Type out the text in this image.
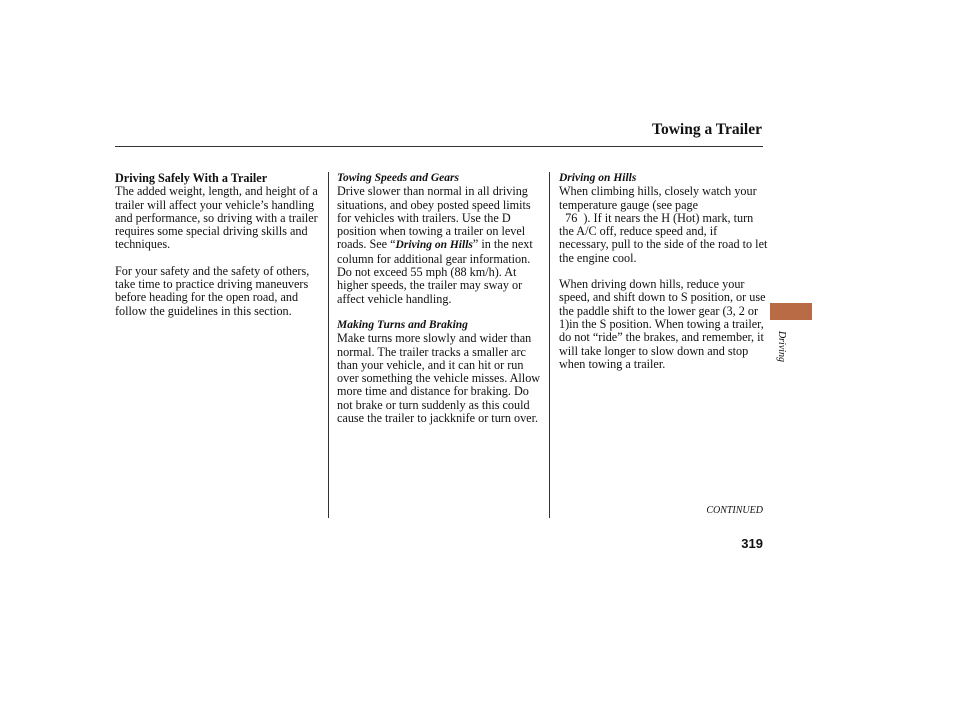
Towing a Trailer

Driving Safely With a Trailer

The added weight, length, and height of a trailer will affect your vehicle’s handling and performance, so driving with a trailer requires some special driving skills and techniques.

For your safety and the safety of others, take time to practice driving maneuvers before heading for the open road, and follow the guidelines in this section.

Towing Speeds and Gears

Drive slower than normal in all driving situations, and obey posted speed limits for vehicles with trailers. Use the D position when towing a trailer on level roads. See “Driving on Hills” in the next column for additional gear information. Do not exceed 55 mph (88 km/h). At higher speeds, the trailer may sway or affect vehicle handling.

Making Turns and Braking

Make turns more slowly and wider than normal. The trailer tracks a smaller arc than your vehicle, and it can hit or run over something the vehicle misses. Allow more time and distance for braking. Do not brake or turn suddenly as this could cause the trailer to jackknife or turn over.

Driving on Hills

When climbing hills, closely watch your temperature gauge (see page
76 ). If it nears the H (Hot) mark, turn the A/C off, reduce speed and, if necessary, pull to the side of the road to let the engine cool.

When driving down hills, reduce your speed, and shift down to S position, or use the paddle shift to the lower gear (3, 2 or 1)in the S position. When towing a trailer, do not “ride” the brakes, and remember, it will take longer to slow down and stop when towing a trailer.

Driving
CONTINUED
319
